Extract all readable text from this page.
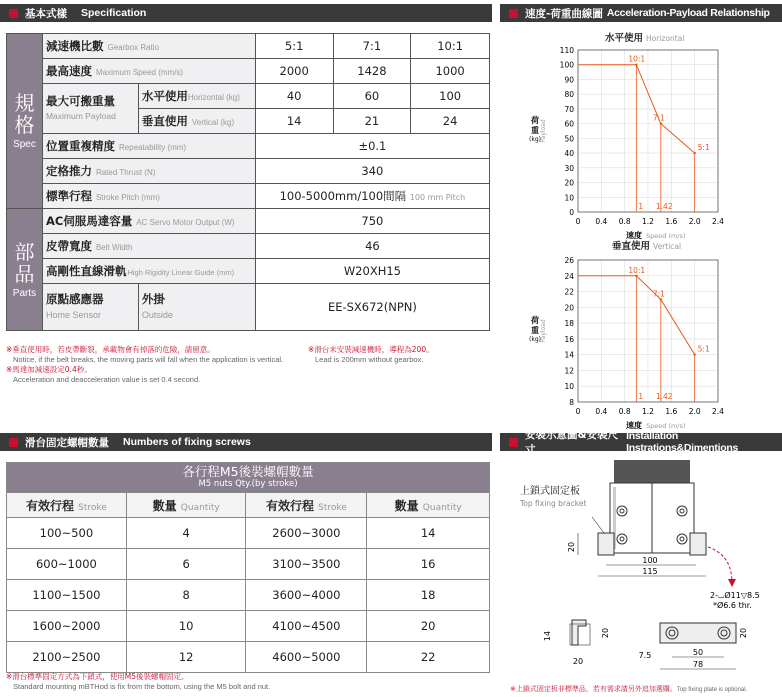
基本式樣 Specification	速度-荷重曲線圖 Acceleration-Payload Relationship
滑台固定螺帽數量 Numbers of fixing screws
安裝示意圖&安裝尺寸
Installation Instrations&Dimentions
規
格
Spec	減速機比數 Gearbox Ratio		5:1	7:1	10:1
	最高速度 Maximum Speed (mm/s)		2000	1428	1000
	最大可搬重量
Maximum Payload	水平使用Horizontal (kg)	40	60	100
		垂直使用 Vertical (kg)	14	21	24
	位置重複精度 Repeatability (mm)		±0.1		
	定格推力 Rated Thrust (N)		340		
	標準行程 Stroke Pitch (mm)		100-5000mm/100間隔 100 mm Pitch		

部
品
Parts	AC伺服馬達容量 AC Servo Motor Output (W)		750		
	皮帶寬度 Belt Width		46		
	高剛性直線滑軌High Rigidity Linear Guide (mm)		W20XH15		
	原點感應器
Home Sensor	外掛
Outside	EE-SX672(NPN)		
※垂直使用時，若皮帶斷裂，承載物會有掉落的危險，請留意。	※滑台未安裝減速機時，導程為200。
Notice, if the belt breaks, the moving parts will fall when the application is vertical.	Lead is 200mm without gearbox.
※馬達加減速設定0.4秒。
Acceleration and deacceleration value is set 0.4 second.
水平使用 Horizontal
0
10
20
30
40
50
60
70
80
90
100
110
0 0.4 0.8 1.2 1.6 2.0 2.4
10:1
7:1
5:1
1 1.42
速度 Speed (m/s)
荷
重
(kg) Payload
垂直使用 Vertical
8
10
12
14
16
18
20
22
24
26
0 0.4 0.8 1.2 1.6 2.0 2.4
10:1
7:1
5:1
1 1.42
速度 Speed (m/s)
荷
重
(kg) Payload
各行程M5後裝螺帽數量
M5 nuts Qty.(by stroke)			

有效行程 Stroke	數量 Quantity	有效行程 Stroke	數量 Quantity
100~500	4	2600~3000	14
600~1000	6	3100~3500	16
1100~1500	8	3600~4000	18
1600~2000	10	4100~4500	20
2100~2500	12	4600~5000	22
※滑台標準固定方式為下鎖式，使用M5後裝螺帽固定。
Standard mounting mBTHod is fix from the bottom, using the M5 bolt and nut.
上鎖式固定板
Top fixing bracket
20
100
115
2-⌴Ø11▽8.5
*Ø6.6 thr.
14	20
20
20
7.5	50
78
※上鎖式固定板非標準品，若有需求請另外追加選購。Top fixing plate is optional.
